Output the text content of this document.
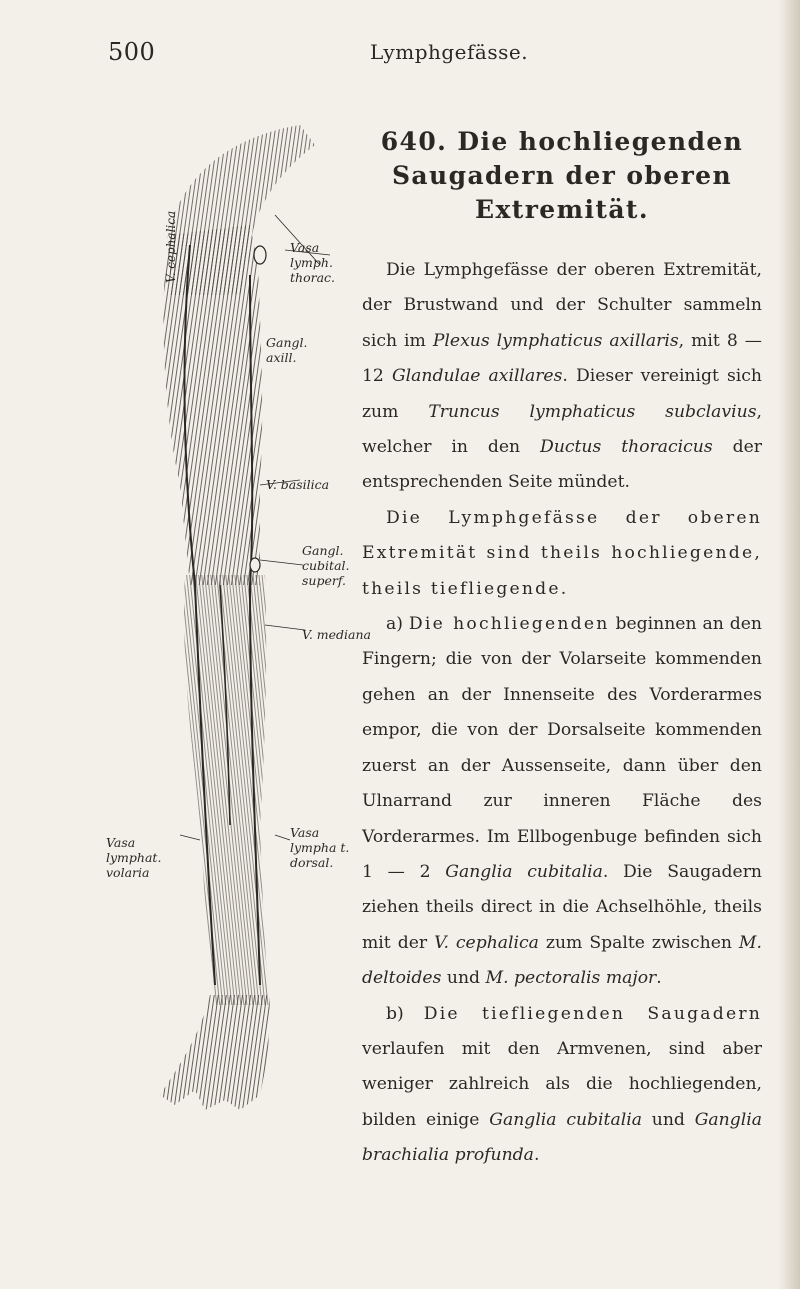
500	Lymphgefässe.
V. cephalica	Vasa
lymph.
thorac.
Gangl.
axill.
V. basilica
Gangl.
cubital.
superf.
V. mediana
Vasa
lympha t.
dorsal.
Vasa
lymphat.
volaria
640. Die hochliegenden
Saugadern der oberen
Extremität.

Die Lymphgefässe der oberen Extremität, der Brustwand und der Schulter sammeln sich im Plexus lymphaticus axillaris, mit 8 — 12 Glandulae axillares. Dieser vereinigt sich zum Truncus lymphaticus subclavius, welcher in den Ductus thoracicus der entsprechenden Seite mündet.

Die Lymphgefässe der oberen Extremität sind theils hochliegende, theils tiefliegende.

a) Die hochliegenden beginnen an den Fingern; die von der Volarseite kommenden gehen an der Innenseite des Vorderarmes empor, die von der Dorsalseite kommenden zuerst an der Aussenseite, dann über den Ulnarrand zur inneren Fläche des Vorderarmes. Im Ellbogenbuge befinden sich 1 — 2 Ganglia cubitalia. Die Saugadern ziehen theils direct in die Achselhöhle, theils mit der V. cephalica zum Spalte zwischen M. deltoides und M. pectoralis major.

b) Die tiefliegenden Saugadern verlaufen mit den Armvenen, sind aber weniger zahlreich als die hochliegenden, bilden einige Ganglia cubitalia und Ganglia brachialia profunda.
